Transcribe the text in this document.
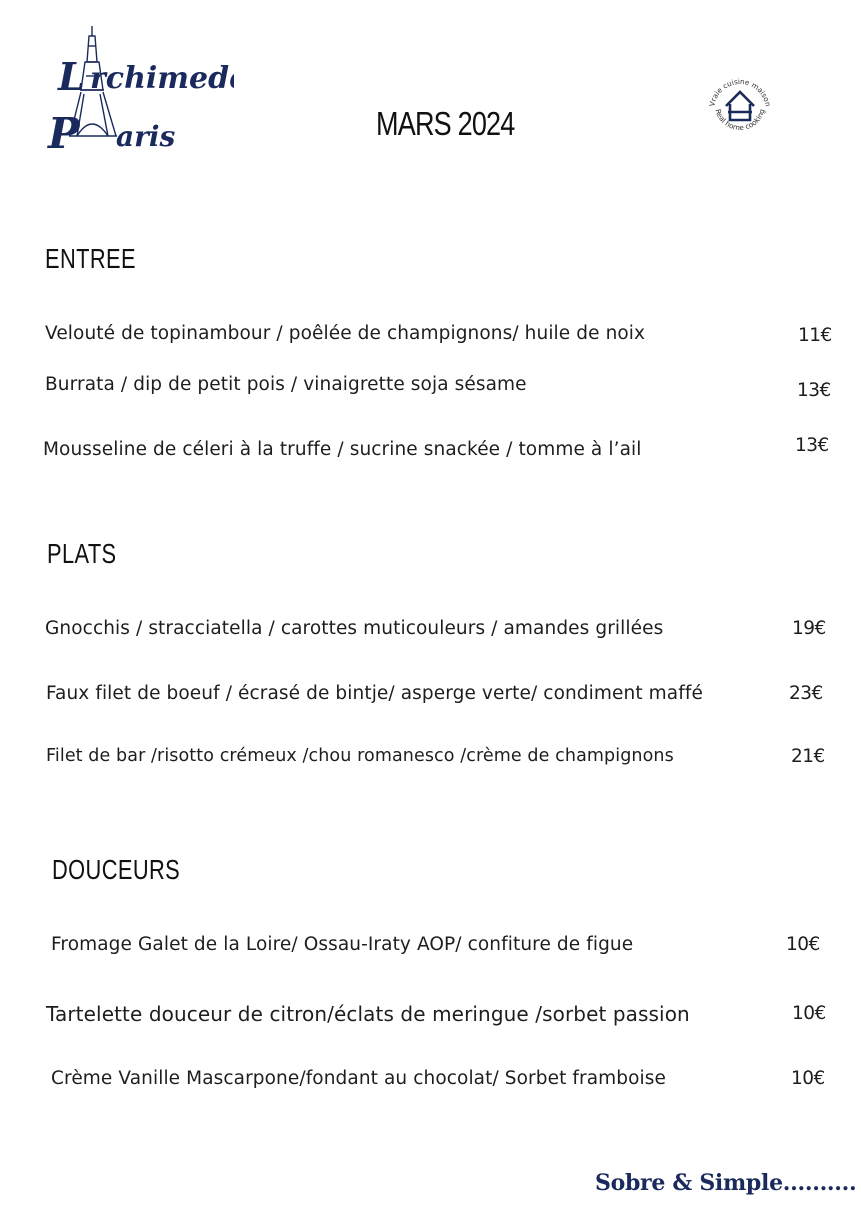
L rchimede
P aris
Vraie cuisine maison
Real home cooking
MARS 2024
ENTREE
Velouté de topinambour / poêlée de champignons/ huile de noix	11€
Burrata / dip de petit pois / vinaigrette soja sésame	13€
Mousseline de céleri à la truffe / sucrine snackée / tomme à l’ail	13€
PLATS
Gnocchis / stracciatella / carottes muticouleurs / amandes grillées	19€
Faux filet de boeuf / écrasé de bintje/ asperge verte/ condiment maffé	23€
Filet de bar /risotto crémeux /chou romanesco /crème de champignons	21€
DOUCEURS
Fromage Galet de la Loire/ Ossau-Iraty AOP/ confiture de figue	10€
Tartelette douceur de citron/éclats de meringue /sorbet passion	10€
Crème Vanille Mascarpone/fondant au chocolat/ Sorbet framboise	10€
Sobre & Simple..........
